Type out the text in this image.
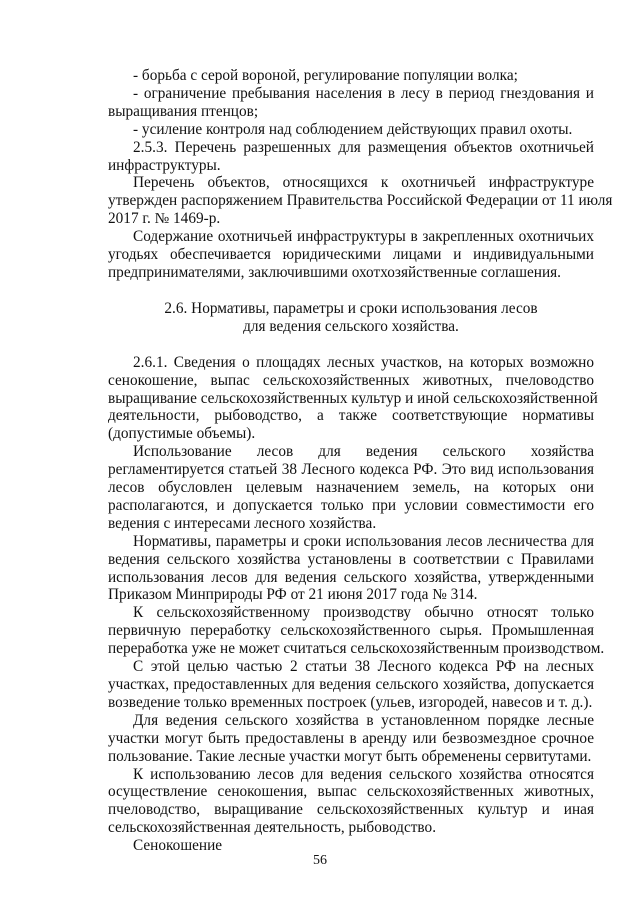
- борьба с серой вороной, регулирование популяции волка;
- ограничение пребывания населения в лесу в период гнездования и
выращивания птенцов;
- усиление контроля над соблюдением действующих правил охоты.
2.5.3. Перечень разрешенных для размещения объектов охотничьей
инфраструктуры.
Перечень объектов, относящихся к охотничьей инфраструктуре
утвержден распоряжением Правительства Российской Федерации от 11 июля
2017 г. № 1469-р.
Содержание охотничьей инфраструктуры в закрепленных охотничьих
угодьях обеспечивается юридическими лицами и индивидуальными
предпринимателями, заключившими охотхозяйственные соглашения.
2.6. Нормативы, параметры и сроки использования лесов
для ведения сельского хозяйства.
2.6.1. Сведения о площадях лесных участков, на которых возможно
сенокошение, выпас сельскохозяйственных животных, пчеловодство
выращивание сельскохозяйственных культур и иной сельскохозяйственной
деятельности, рыбоводство, а также соответствующие нормативы
(допустимые объемы).
Использование лесов для ведения сельского хозяйства
регламентируется статьей 38 Лесного кодекса РФ. Это вид использования
лесов обусловлен целевым назначением земель, на которых они
располагаются, и допускается только при условии совместимости его
ведения с интересами лесного хозяйства.
Нормативы, параметры и сроки использования лесов лесничества для
ведения сельского хозяйства установлены в соответствии с Правилами
использования лесов для ведения сельского хозяйства, утвержденными
Приказом Минприроды РФ от 21 июня 2017 года № 314.
К сельскохозяйственному производству обычно относят только
первичную переработку сельскохозяйственного сырья. Промышленная
переработка уже не может считаться сельскохозяйственным производством.
С этой целью частью 2 статьи 38 Лесного кодекса РФ на лесных
участках, предоставленных для ведения сельского хозяйства, допускается
возведение только временных построек (ульев, изгородей, навесов и т. д.).
Для ведения сельского хозяйства в установленном порядке лесные
участки могут быть предоставлены в аренду или безвозмездное срочное
пользование. Такие лесные участки могут быть обременены сервитутами.
К использованию лесов для ведения сельского хозяйства относятся
осуществление сенокошения, выпас сельскохозяйственных животных,
пчеловодство, выращивание сельскохозяйственных культур и иная
сельскохозяйственная деятельность, рыбоводство.
Сенокошение
56
